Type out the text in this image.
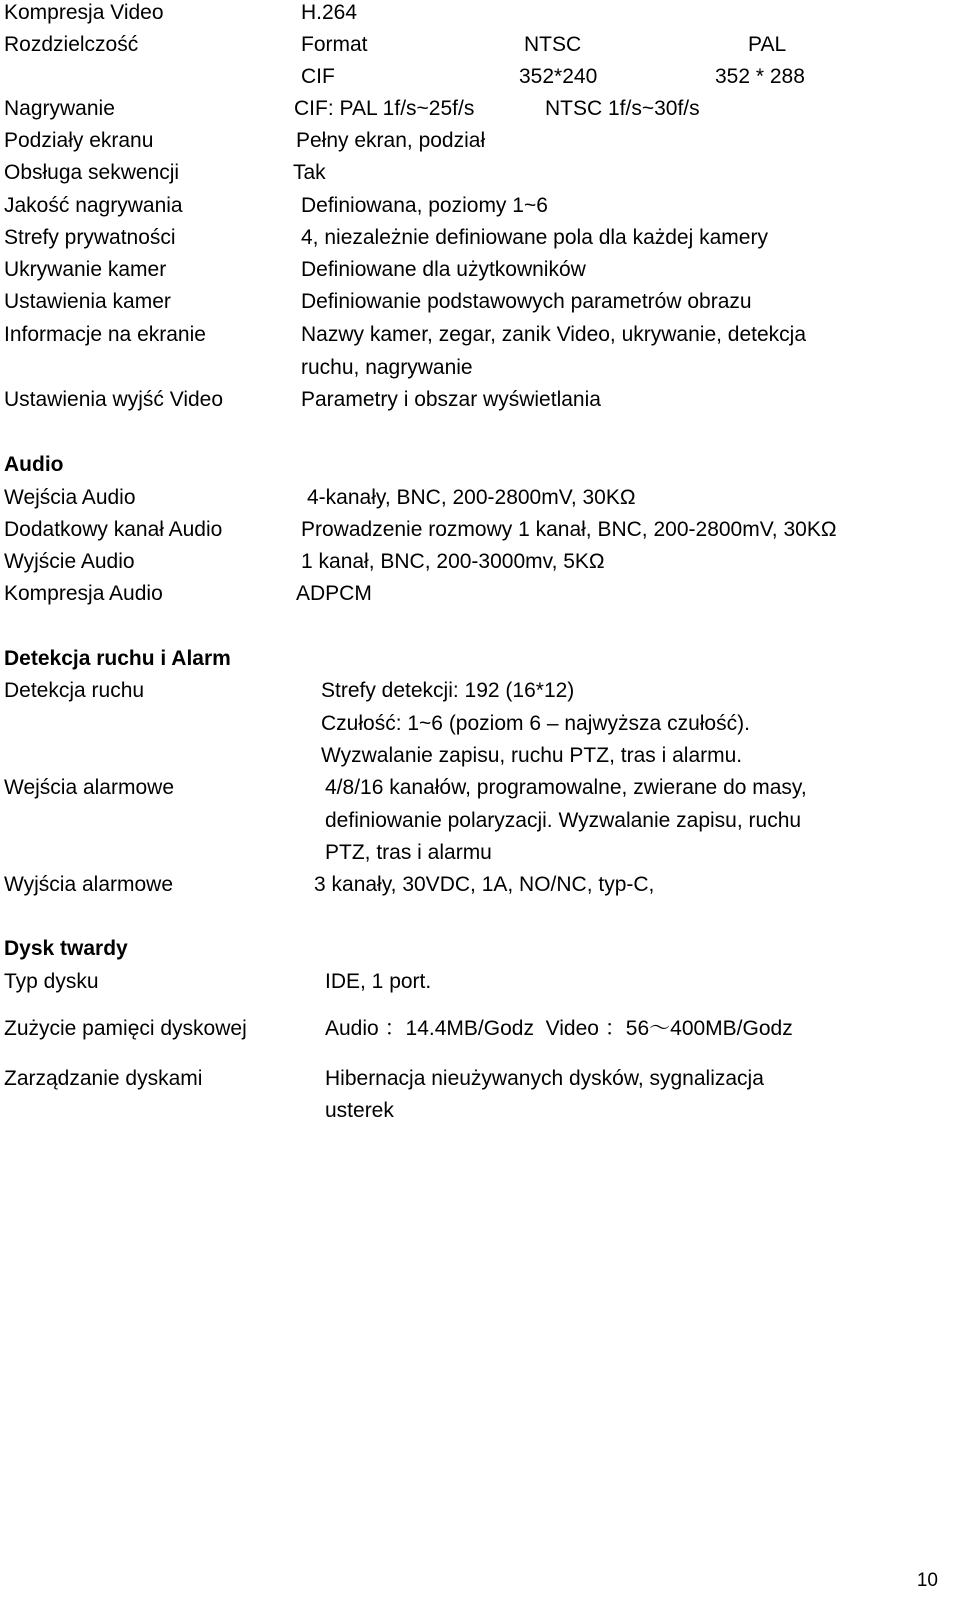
Kompresja Video	H.264
Rozdzielczość	Format	NTSC	PAL
CIF	352*240	352 * 288
Nagrywanie	CIF: PAL 1f/s~25f/s	NTSC 1f/s~30f/s
Podziały ekranu	Pełny ekran, podział
Obsługa sekwencji	Tak
Jakość nagrywania	Definiowana, poziomy 1~6
Strefy prywatności	4, niezależnie definiowane pola dla każdej kamery
Ukrywanie kamer	Definiowane dla użytkowników
Ustawienia kamer	Definiowanie podstawowych parametrów obrazu
Informacje na ekranie	Nazwy kamer, zegar, zanik Video, ukrywanie, detekcja
ruchu, nagrywanie
Ustawienia wyjść Video	Parametry i obszar wyświetlania
Audio
Wejścia Audio	4-kanały, BNC, 200-2800mV, 30KΩ
Dodatkowy kanał Audio	Prowadzenie rozmowy 1 kanał, BNC, 200-2800mV, 30KΩ
Wyjście Audio	1 kanał, BNC, 200-3000mv, 5KΩ
Kompresja Audio	ADPCM
Detekcja ruchu i Alarm
Detekcja ruchu	Strefy detekcji: 192 (16*12)
Czułość: 1~6 (poziom 6 – najwyższa czułość).
Wyzwalanie zapisu, ruchu PTZ, tras i alarmu.
Wejścia alarmowe	4/8/16 kanałów, programowalne, zwierane do masy,
definiowanie polaryzacji. Wyzwalanie zapisu, ruchu
PTZ, tras i alarmu
Wyjścia alarmowe	3 kanały, 30VDC, 1A, NO/NC, typ-C,
Dysk twardy
Typ dysku	IDE, 1 port.
Zużycie pamięci dyskowej	Audio ：14.4MB/Godz  Video ：56～400MB/Godz
Zarządzanie dyskami	Hibernacja nieużywanych dysków, sygnalizacja
usterek
10
